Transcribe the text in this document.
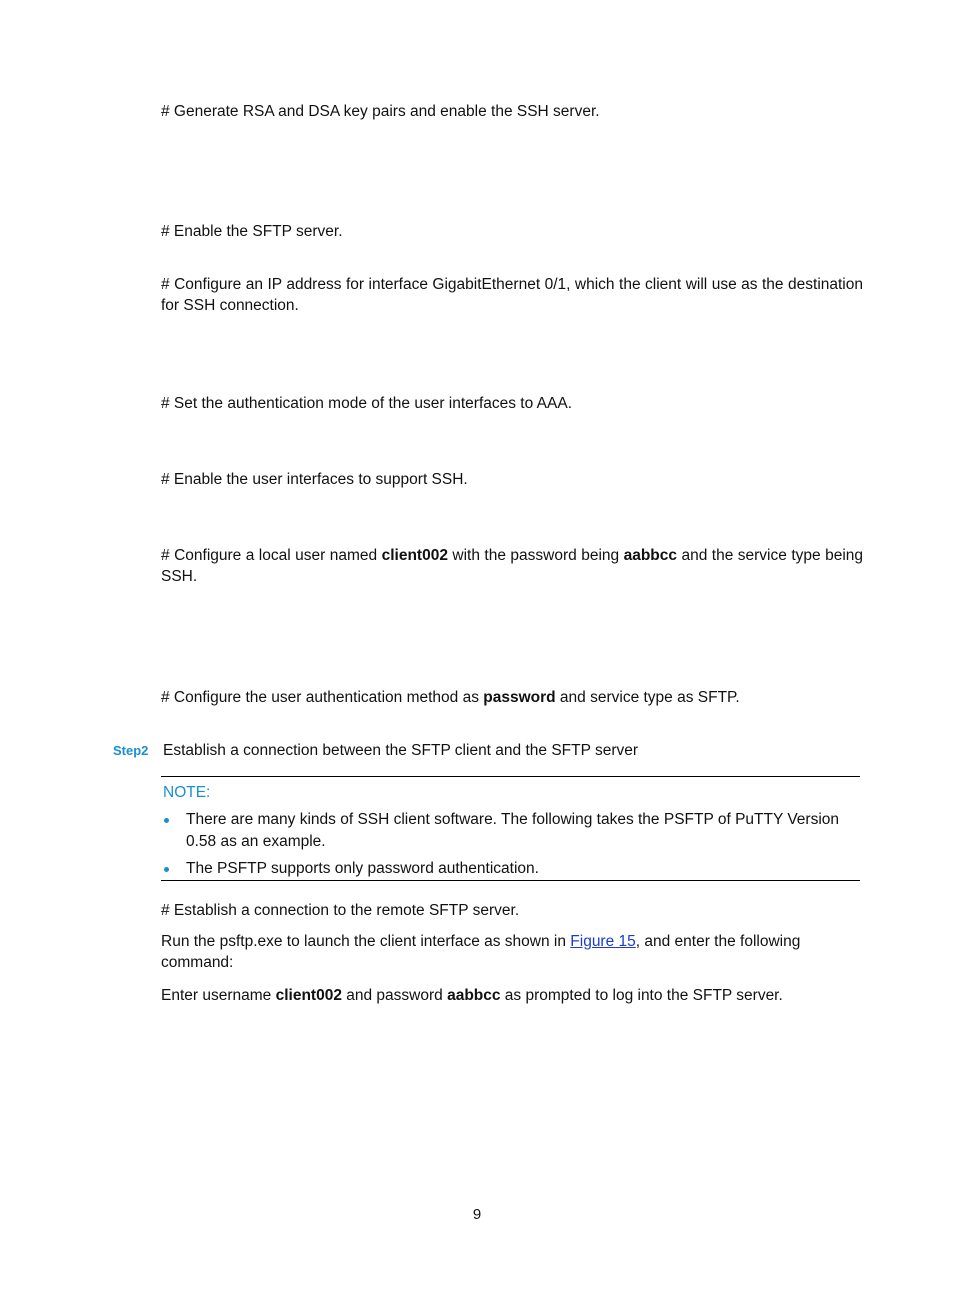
# Generate RSA and DSA key pairs and enable the SSH server.

# Enable the SFTP server.

# Configure an IP address for interface GigabitEthernet 0/1, which the client will use as the destination for SSH connection.

# Set the authentication mode of the user interfaces to AAA.

# Enable the user interfaces to support SSH.

# Configure a local user named client002 with the password being aabbcc and the service type being SSH.

# Configure the user authentication method as password and service type as SFTP.

Step2 Establish a connection between the SFTP client and the SFTP server

NOTE:
There are many kinds of SSH client software. The following takes the PSFTP of PuTTY Version 0.58 as an example.
The PSFTP supports only password authentication.

# Establish a connection to the remote SFTP server.

Run the psftp.exe to launch the client interface as shown in Figure 15, and enter the following command:

Enter username client002 and password aabbcc as prompted to log into the SFTP server.

9
